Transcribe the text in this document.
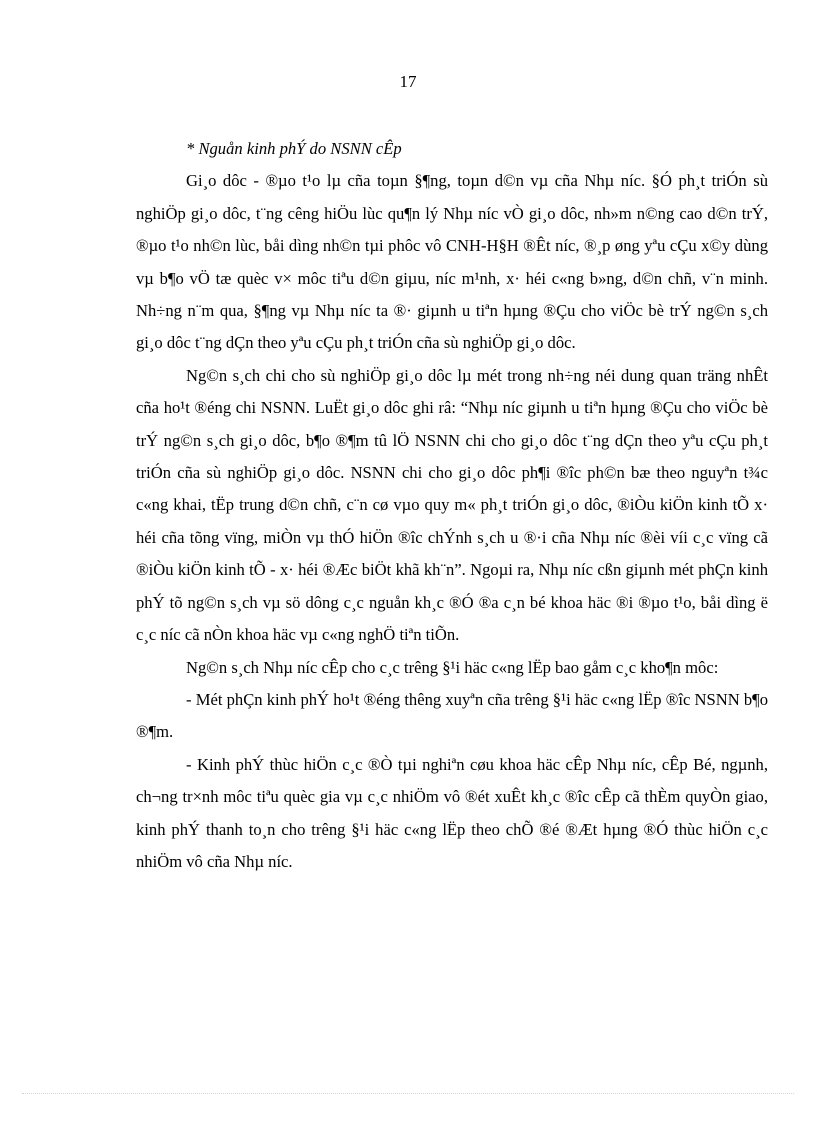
17

* Nguån kinh phÝ do NSNN cÊp

Gi¸o dôc - ®µo t¹o lµ cña toµn §¶ng, toµn d©n vµ cña Nhµ níc. §Ó ph¸t triÓn sù nghiÖp gi¸o dôc, t¨ng cêng hiÖu lùc qu¶n lý Nhµ níc vÒ gi¸o dôc, nh»m n©ng cao d©n trÝ, ®µo t¹o nh©n lùc, båi dìng nh©n tµi phôc vô CNH-H§H ®Êt níc, ®¸p øng yªu cÇu x©y dùng vµ b¶o vÖ tæ quèc v× môc tiªu d©n giµu, níc m¹nh, x· héi c«ng b»ng, d©n chñ, v¨n minh. Nh÷ng n¨m qua, §¶ng vµ Nhµ níc ta ®· giµnh u tiªn hµng ®Çu cho viÖc bè trÝ ng©n s¸ch gi¸o dôc t¨ng dÇn theo yªu cÇu ph¸t triÓn cña sù nghiÖp gi¸o dôc.

Ng©n s¸ch chi cho sù nghiÖp gi¸o dôc lµ mét trong nh÷ng néi dung quan träng nhÊt cña ho¹t ®éng chi NSNN. LuËt gi¸o dôc ghi râ: “Nhµ níc giµnh u tiªn hµng ®Çu cho viÖc bè trÝ ng©n s¸ch gi¸o dôc, b¶o ®¶m tû lÖ NSNN chi cho gi¸o dôc t¨ng dÇn theo yªu cÇu ph¸t triÓn cña sù nghiÖp gi¸o dôc. NSNN chi cho gi¸o dôc ph¶i ®îc ph©n bæ theo nguyªn t¾c c«ng khai, tËp trung d©n chñ, c¨n cø vµo quy m« ph¸t triÓn gi¸o dôc, ®iÒu kiÖn kinh tÕ x· héi cña tõng vïng, miÒn vµ thÓ hiÖn ®îc chÝnh s¸ch u ®·i cña Nhµ níc ®èi víi c¸c vïng cã ®iÒu kiÖn kinh tÕ - x· héi ®Æc biÖt khã kh¨n”. Ngoµi ra, Nhµ níc cßn giµnh mét phÇn kinh phÝ tõ ng©n s¸ch vµ sö dông c¸c nguån kh¸c ®Ó ®a c¸n bé khoa häc ®i ®µo t¹o, båi dìng ë c¸c níc cã nÒn khoa häc vµ c«ng nghÖ tiªn tiÕn.

Ng©n s¸ch Nhµ níc cÊp cho c¸c trêng §¹i häc c«ng lËp bao gåm c¸c kho¶n môc:

- Mét phÇn kinh phÝ ho¹t ®éng thêng xuyªn cña trêng §¹i häc c«ng lËp ®îc NSNN b¶o ®¶m.

- Kinh phÝ thùc hiÖn c¸c ®Ò tµi nghiªn cøu khoa häc cÊp Nhµ níc, cÊp Bé, ngµnh, ch¬ng tr×nh môc tiªu quèc gia vµ c¸c nhiÖm vô ®ét xuÊt kh¸c ®îc cÊp cã thÈm quyÒn giao, kinh phÝ thanh to¸n cho trêng §¹i häc c«ng lËp theo chÕ ®é ®Æt hµng ®Ó thùc hiÖn c¸c nhiÖm vô cña Nhµ níc.
